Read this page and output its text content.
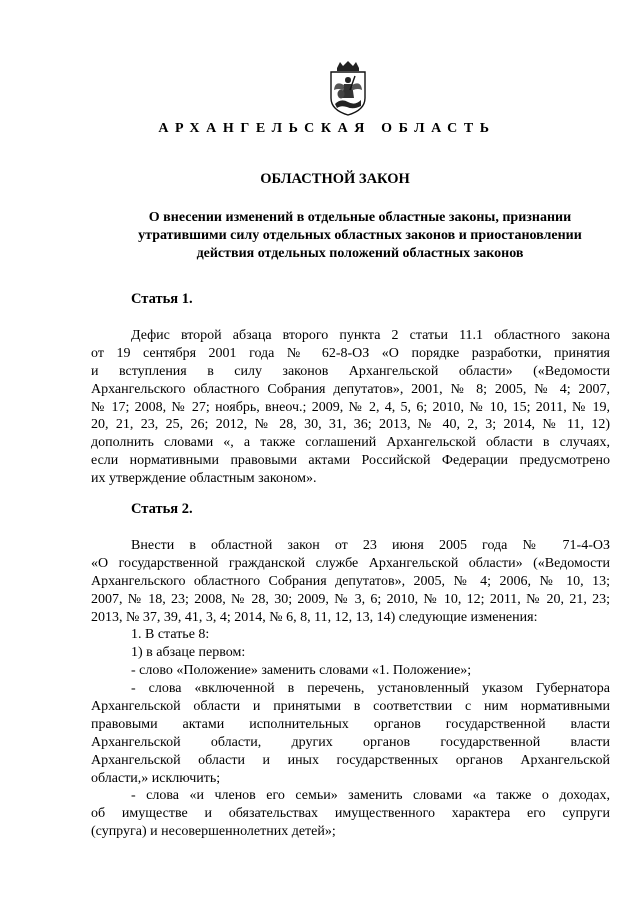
АРХАНГЕЛЬСКАЯ ОБЛАСТЬ
ОБЛАСТНОЙ ЗАКОН
О внесении изменений в отдельные областные законы, признании
утратившими силу отдельных областных законов и приостановлении
действия отдельных положений областных законов
Статья 1.
Дефис второй абзаца второго пункта 2 статьи 11.1 областного закона
от 19 сентября 2001 года № 62-8-ОЗ «О порядке разработки, принятия
и вступления в силу законов Архангельской области» («Ведомости
Архангельского областного Собрания депутатов», 2001, № 8; 2005, № 4; 2007,
№ 17; 2008, № 27; ноябрь, внеоч.; 2009, № 2, 4, 5, 6; 2010, № 10, 15; 2011, № 19,
20, 21, 23, 25, 26; 2012, № 28, 30, 31, 36; 2013, № 40, 2, 3; 2014, № 11, 12)
дополнить словами «, а также соглашений Архангельской области в случаях,
если нормативными правовыми актами Российской Федерации предусмотрено
их утверждение областным законом».
Статья 2.
Внести в областной закон от 23 июня 2005 года № 71-4-ОЗ
«О государственной гражданской службе Архангельской области» («Ведомости
Архангельского областного Собрания депутатов», 2005, № 4; 2006, № 10, 13;
2007, № 18, 23; 2008, № 28, 30; 2009, № 3, 6; 2010, № 10, 12; 2011, № 20, 21, 23;
2013, № 37, 39, 41, 3, 4; 2014, № 6, 8, 11, 12, 13, 14) следующие изменения:
1. В статье 8:
1) в абзаце первом:
- слово «Положение» заменить словами «1. Положение»;
- слова «включенной в перечень, установленный указом Губернатора
Архангельской области и принятыми в соответствии с ним нормативными
правовыми актами исполнительных органов государственной власти
Архангельской области, других органов государственной власти
Архангельской области и иных государственных органов Архангельской
области,» исключить;
- слова «и членов его семьи» заменить словами «а также о доходах,
об имуществе и обязательствах имущественного характера его супруги
(супруга) и несовершеннолетних детей»;
